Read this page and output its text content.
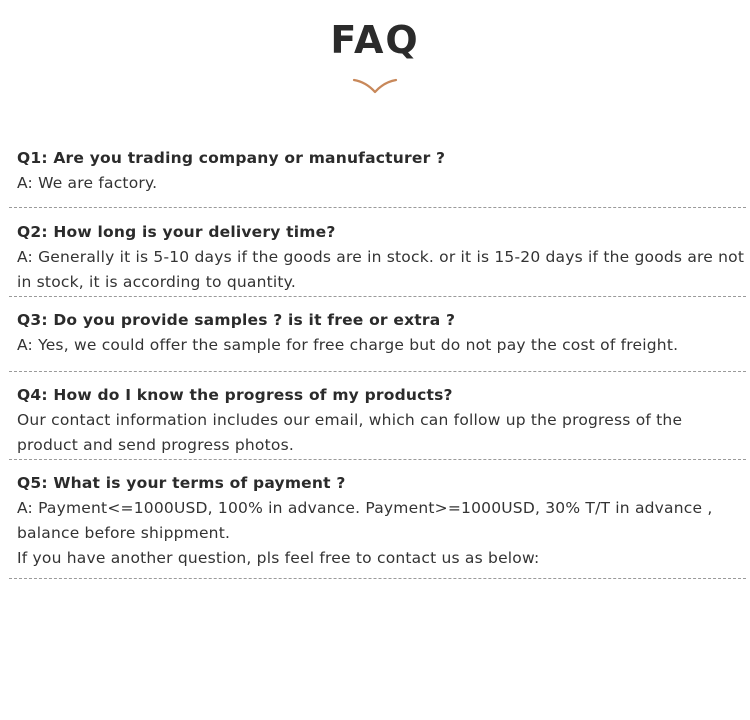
FAQ
Q1: Are you trading company or manufacturer ?
A: We are factory.
Q2: How long is your delivery time?
A: Generally it is 5-10 days if the goods are in stock. or it is 15-20 days if the goods are not in stock, it is according to quantity.
Q3: Do you provide samples ? is it free or extra ?
A: Yes, we could offer the sample for free charge but do not pay the cost of freight.
Q4: How do I know the progress of my products?
Our contact information includes our email, which can follow up the progress of the product and send progress photos.
Q5: What is your terms of payment ?
A: Payment<=1000USD, 100% in advance. Payment>=1000USD, 30% T/T in advance , balance before shippment.
If you have another question, pls feel free to contact us as below:
